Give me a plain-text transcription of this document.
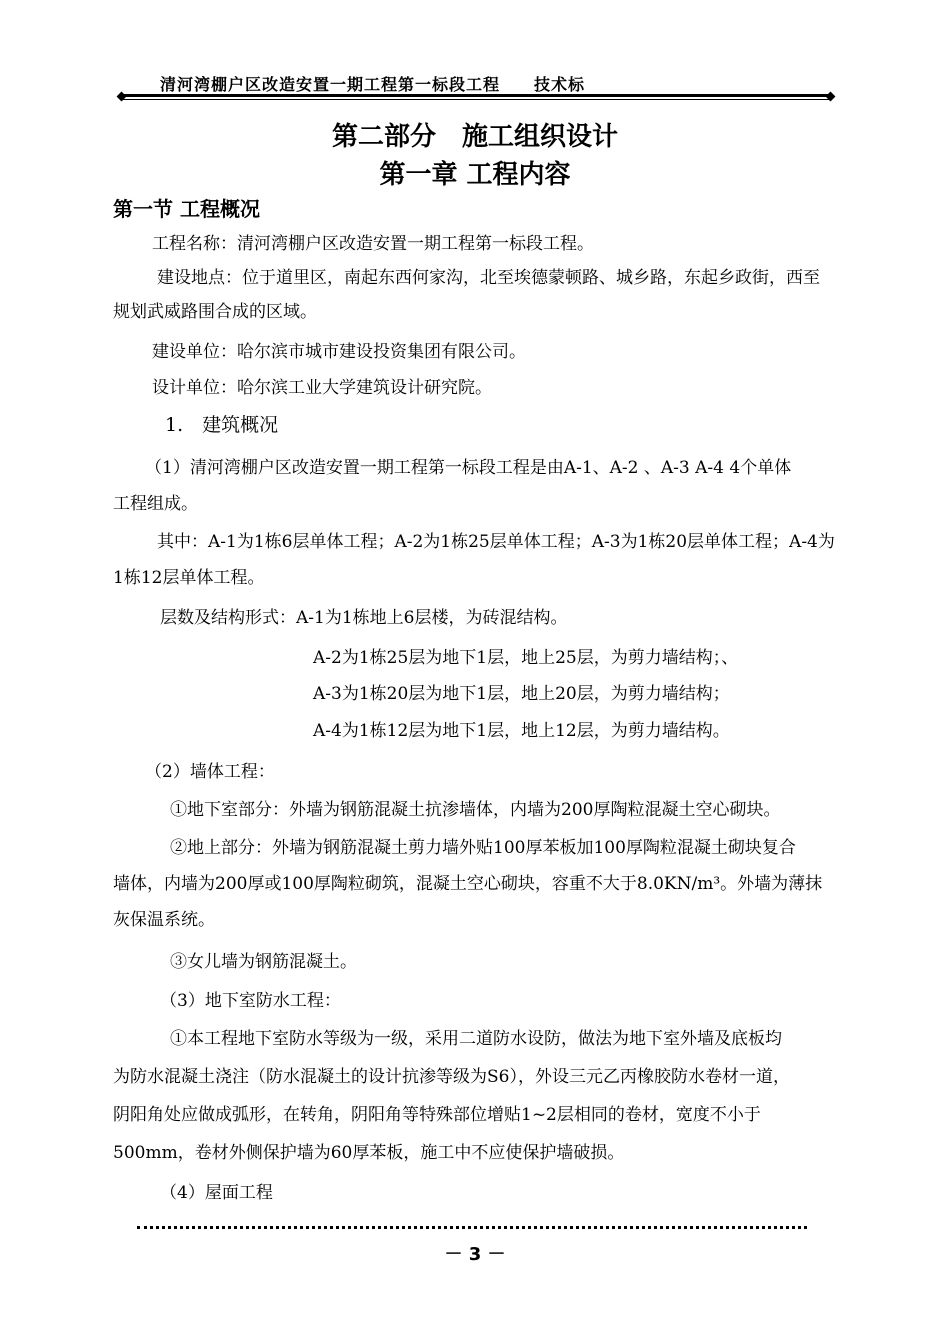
清河湾棚户区改造安置一期工程第一标段工程　　技术标
第二部分　施工组织设计
第一章 工程内容
第一节 工程概况
工程名称：清河湾棚户区改造安置一期工程第一标段工程。
建设地点：位于道里区，南起东西何家沟，北至埃德蒙顿路、城乡路，东起乡政街，西至
规划武威路围合成的区域。
建设单位：哈尔滨市城市建设投资集团有限公司。
设计单位：哈尔滨工业大学建筑设计研究院。
1.　建筑概况
（1）清河湾棚户区改造安置一期工程第一标段工程是由A-1、A-2 、A-3 A-4 4个单体
工程组成。
其中：A-1为1栋6层单体工程；A-2为1栋25层单体工程；A-3为1栋20层单体工程；A-4为
1栋12层单体工程。
层数及结构形式：A-1为1栋地上6层楼，为砖混结构。
A-2为1栋25层为地下1层，地上25层，为剪力墙结构；、
A-3为1栋20层为地下1层，地上20层，为剪力墙结构；
A-4为1栋12层为地下1层，地上12层，为剪力墙结构。
（2）墙体工程：
①地下室部分：外墙为钢筋混凝土抗渗墙体，内墙为200厚陶粒混凝土空心砌块。
②地上部分：外墙为钢筋混凝土剪力墙外贴100厚苯板加100厚陶粒混凝土砌块复合
墙体，内墙为200厚或100厚陶粒砌筑，混凝土空心砌块，容重不大于8.0KN/m³。外墙为薄抹
灰保温系统。
③女儿墙为钢筋混凝土。
（3）地下室防水工程：
①本工程地下室防水等级为一级，采用二道防水设防，做法为地下室外墙及底板均
为防水混凝土浇注（防水混凝土的设计抗渗等级为S6），外设三元乙丙橡胶防水卷材一道，
阴阳角处应做成弧形，在转角，阴阳角等特殊部位增贴1~2层相同的卷材，宽度不小于
500mm，卷材外侧保护墙为60厚苯板，施工中不应使保护墙破损。
（4）屋面工程
－ 3 －
